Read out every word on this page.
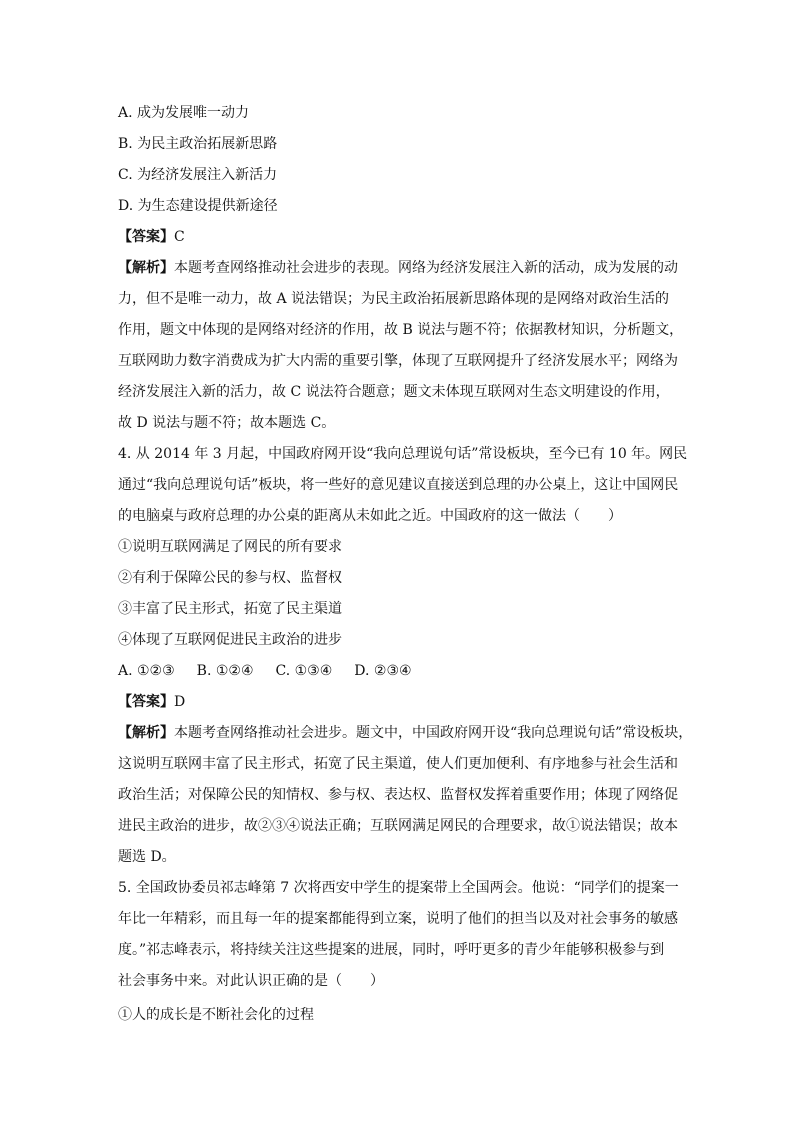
A. 成为发展唯一动力
B. 为民主政治拓展新思路
C. 为经济发展注入新活力
D. 为生态建设提供新途径
【答案】C
【解析】本题考查网络推动社会进步的表现。网络为经济发展注入新的活动，成为发展的动
力，但不是唯一动力，故 A 说法错误；为民主政治拓展新思路体现的是网络对政治生活的
作用，题文中体现的是网络对经济的作用，故 B 说法与题不符；依据教材知识，分析题文，
互联网助力数字消费成为扩大内需的重要引擎，体现了互联网提升了经济发展水平；网络为
经济发展注入新的活力，故 C 说法符合题意；题文未体现互联网对生态文明建设的作用，
故 D 说法与题不符；故本题选 C。
4. 从 2014 年 3 月起，中国政府网开设“我向总理说句话”常设板块，至今已有 10 年。网民
通过“我向总理说句话”板块，将一些好的意见建议直接送到总理的办公桌上，这让中国网民
的电脑桌与政府总理的办公桌的距离从未如此之近。中国政府的这一做法（　　）
①说明互联网满足了网民的所有要求
②有利于保障公民的参与权、监督权
③丰富了民主形式，拓宽了民主渠道
④体现了互联网促进民主政治的进步
A. ①②③ B. ①②④ C. ①③④ D. ②③④
【答案】D
【解析】本题考查网络推动社会进步。题文中，中国政府网开设“我向总理说句话”常设板块，
这说明互联网丰富了民主形式，拓宽了民主渠道，使人们更加便利、有序地参与社会生活和
政治生活；对保障公民的知情权、参与权、表达权、监督权发挥着重要作用；体现了网络促
进民主政治的进步，故②③④说法正确；互联网满足网民的合理要求，故①说法错误；故本
题选 D。
5. 全国政协委员祁志峰第 7 次将西安中学生的提案带上全国两会。他说：“同学们的提案一
年比一年精彩，而且每一年的提案都能得到立案，说明了他们的担当以及对社会事务的敏感
度。”祁志峰表示，将持续关注这些提案的进展，同时，呼吁更多的青少年能够积极参与到
社会事务中来。对此认识正确的是（　　）
①人的成长是不断社会化的过程
